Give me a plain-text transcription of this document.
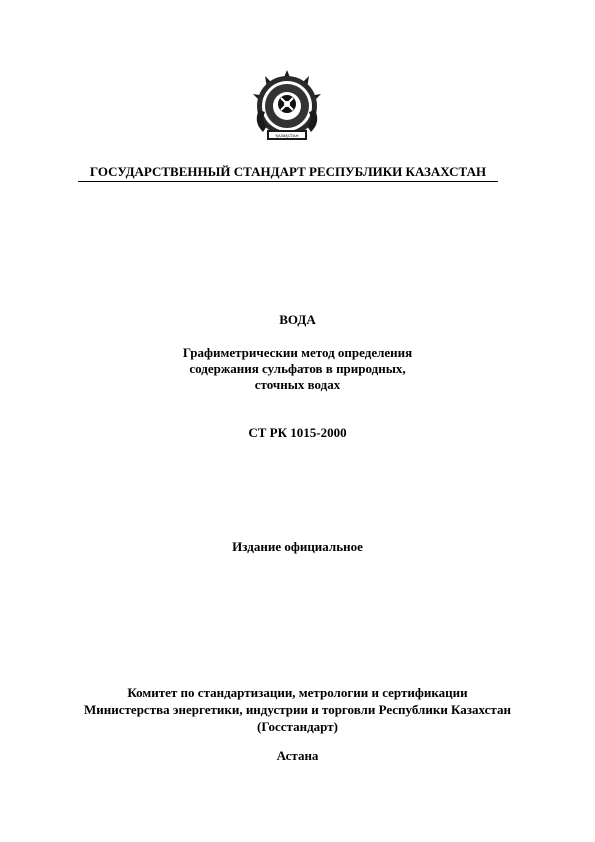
ҚАЗАҚСТАН
ГОСУДАРСТВЕННЫЙ СТАНДАРТ РЕСПУБЛИКИ КАЗАХСТАН
ВОДА
Графиметрическии метод определения
содержания сульфатов в природных,
сточных водах
СТ РК 1015-2000
Издание официальное
Комитет по стандартизации, метрологии и сертификации
Министерства энергетики, индустрии и торговли Республики Казахстан
(Госстандарт)
Астана
